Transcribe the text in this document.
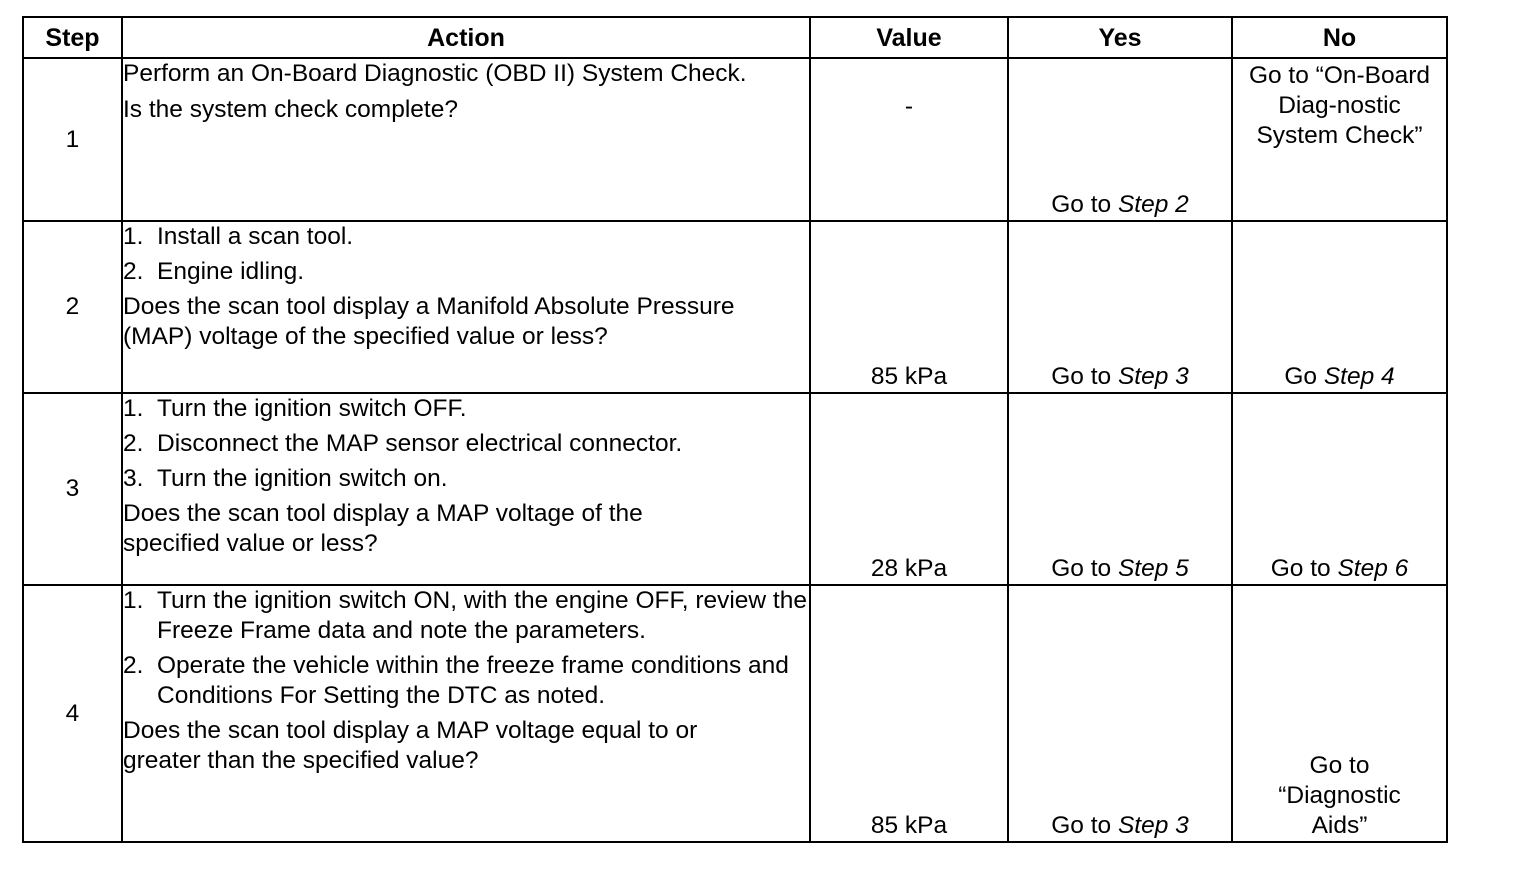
Step	Action	Value	Yes	No
1	Perform an On-Board Diagnostic (OBD II) System Check.
Is the system check complete?	-	Go to Step 2	Go to “On-Board Diag-nostic System Check”
2	1. Install a scan tool.
2. Engine idling.
Does the scan tool display a Manifold Absolute Pressure (MAP) voltage of the specified value or less?	85 kPa	Go to Step 3	Go Step 4
3	1. Turn the ignition switch OFF.
2. Disconnect the MAP sensor electrical connector.
3. Turn the ignition switch on.
Does the scan tool display a MAP voltage of the specified value or less?	28 kPa	Go to Step 5	Go to Step 6
4	1. Turn the ignition switch ON, with the engine OFF, review the Freeze Frame data and note the parameters.
2. Operate the vehicle within the freeze frame conditions and Conditions For Setting the DTC as noted.
Does the scan tool display a MAP voltage equal to or greater than the specified value?	85 kPa	Go to Step 3	Go to “Diagnostic Aids”
